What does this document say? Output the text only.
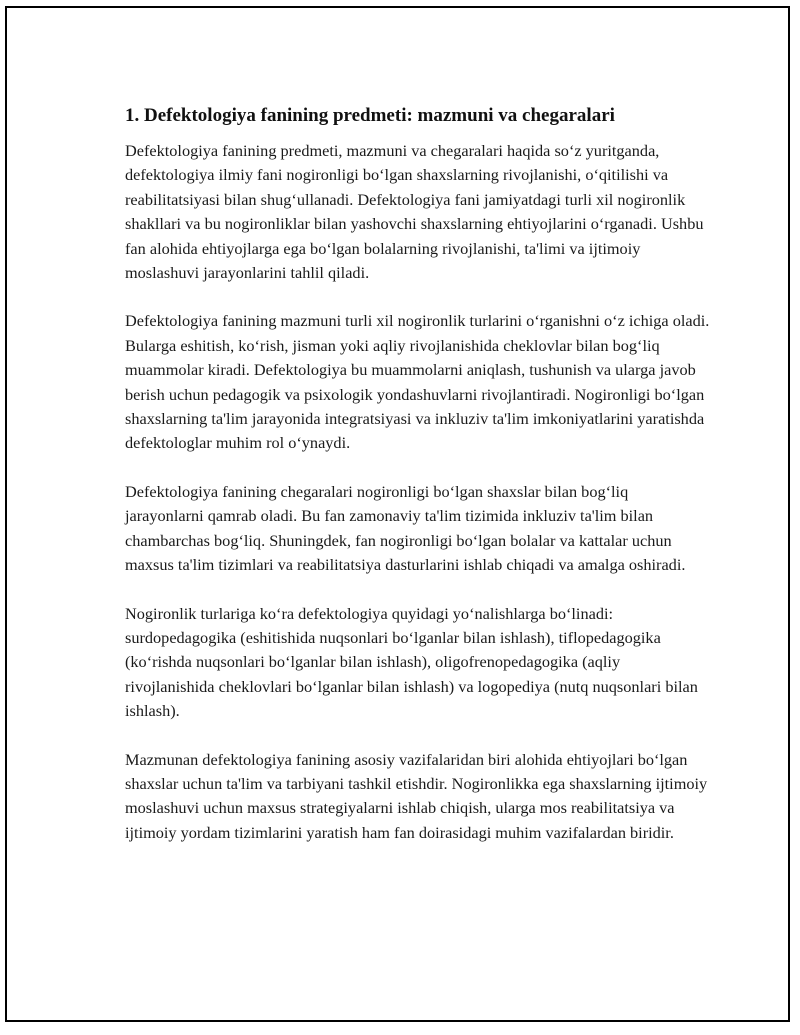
1. Defektologiya fanining predmeti: mazmuni va chegaralari

Defektologiya fanining predmeti, mazmuni va chegaralari haqida so‘z yuritganda, defektologiya ilmiy fani nogironligi bo‘lgan shaxslarning rivojlanishi, o‘qitilishi va reabilitatsiyasi bilan shug‘ullanadi. Defektologiya fani jamiyatdagi turli xil nogironlik shakllari va bu nogironliklar bilan yashovchi shaxslarning ehtiyojlarini o‘rganadi. Ushbu fan alohida ehtiyojlarga ega bo‘lgan bolalarning rivojlanishi, ta'limi va ijtimoiy moslashuvi jarayonlarini tahlil qiladi.

Defektologiya fanining mazmuni turli xil nogironlik turlarini o‘rganishni o‘z ichiga oladi. Bularga eshitish, ko‘rish, jisman yoki aqliy rivojlanishida cheklovlar bilan bog‘liq muammolar kiradi. Defektologiya bu muammolarni aniqlash, tushunish va ularga javob berish uchun pedagogik va psixologik yondashuvlarni rivojlantiradi. Nogironligi bo‘lgan shaxslarning ta'lim jarayonida integratsiyasi va inkluziv ta'lim imkoniyatlarini yaratishda defektologlar muhim rol o‘ynaydi.

Defektologiya fanining chegaralari nogironligi bo‘lgan shaxslar bilan bog‘liq jarayonlarni qamrab oladi. Bu fan zamonaviy ta'lim tizimida inkluziv ta'lim bilan chambarchas bog‘liq. Shuningdek, fan nogironligi bo‘lgan bolalar va kattalar uchun maxsus ta'lim tizimlari va reabilitatsiya dasturlarini ishlab chiqadi va amalga oshiradi.

Nogironlik turlariga ko‘ra defektologiya quyidagi yo‘nalishlarga bo‘linadi: surdopedagogika (eshitishida nuqsonlari bo‘lganlar bilan ishlash), tiflopedagogika (ko‘rishda nuqsonlari bo‘lganlar bilan ishlash), oligofrenopedagogika (aqliy rivojlanishida cheklovlari bo‘lganlar bilan ishlash) va logopediya (nutq nuqsonlari bilan ishlash).

Mazmunan defektologiya fanining asosiy vazifalaridan biri alohida ehtiyojlari bo‘lgan shaxslar uchun ta'lim va tarbiyani tashkil etishdir. Nogironlikka ega shaxslarning ijtimoiy moslashuvi uchun maxsus strategiyalarni ishlab chiqish, ularga mos reabilitatsiya va ijtimoiy yordam tizimlarini yaratish ham fan doirasidagi muhim vazifalardan biridir.
